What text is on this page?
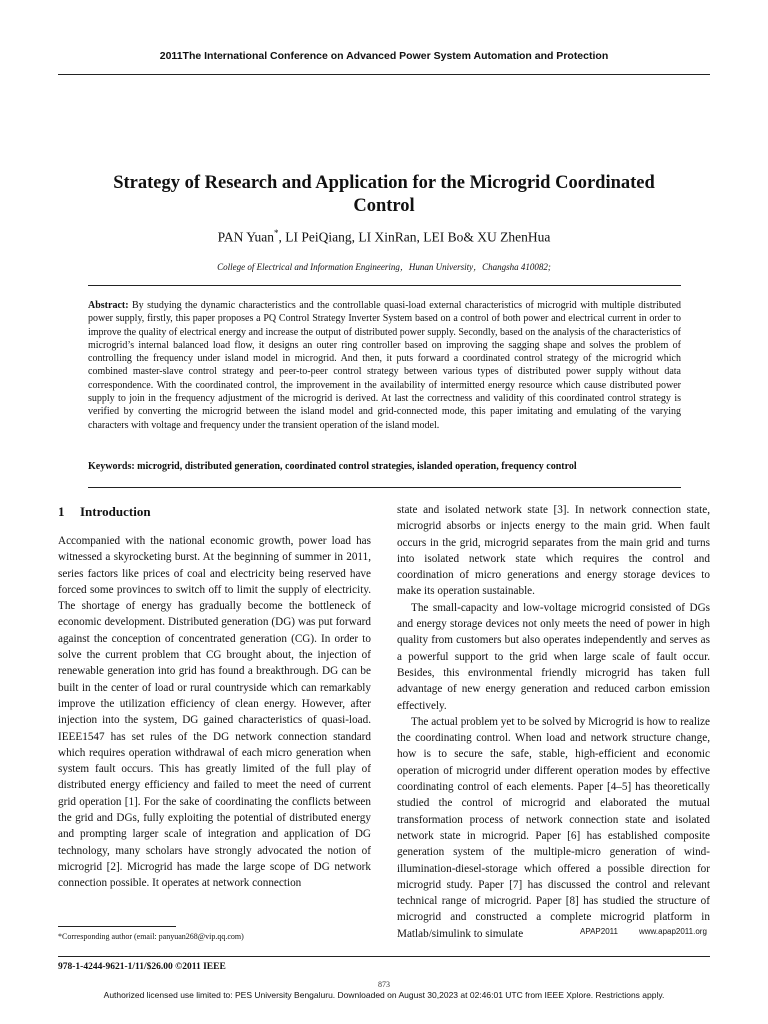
2011The International Conference on Advanced Power System Automation and Protection
Strategy of Research and Application for the Microgrid Coordinated
Control
PAN Yuan*, LI PeiQiang, LI XinRan, LEI Bo& XU ZhenHua
College of Electrical and Information Engineering，Hunan University，Changsha 410082;
Abstract: By studying the dynamic characteristics and the controllable quasi-load external characteristics of microgrid with multiple distributed power supply, firstly, this paper proposes a PQ Control Strategy Inverter System based on a control of both power and electrical current in order to improve the quality of electrical energy and increase the output of distributed power supply. Secondly, based on the analysis of the characteristics of microgrid’s internal balanced load flow, it designs an outer ring controller based on improving the sagging shape and solves the problem of controlling the frequency under island model in microgrid. And then, it puts forward a coordinated control strategy of the microgrid which combined master-slave control strategy and peer-to-peer control strategy between various types of distributed power supply without data correspondence. With the coordinated control, the improvement in the availability of intermitted energy resource which cause distributed power supply to join in the frequency adjustment of the microgrid is derived. At last the correctness and validity of this coordinated control strategy is verified by converting the microgrid between the island model and grid-connected mode, this paper imitating and emulating of the varying characters with voltage and frequency under the transient operation of the island model.
Keywords: microgrid, distributed generation, coordinated control strategies, islanded operation, frequency control
1 Introduction

Accompanied with the national economic growth, power load has witnessed a skyrocketing burst. At the beginning of summer in 2011, series factors like prices of coal and electricity being reserved have forced some provinces to switch off to limit the supply of electricity. The shortage of energy has gradually become the bottleneck of economic development. Distributed generation (DG) was put forward against the conception of concentrated generation (CG). In order to solve the current problem that CG brought about, the injection of renewable generation into grid has found a breakthrough. DG can be built in the center of load or rural countryside which can remarkably improve the utilization efficiency of clean energy. However, after injection into the system, DG gained characteristics of quasi-load. IEEE1547 has set rules of the DG network connection standard which requires operation withdrawal of each micro generation when system fault occurs. This has greatly limited of the full play of distributed energy efficiency and failed to meet the need of current grid operation [1]. For the sake of coordinating the conflicts between the grid and DGs, fully exploiting the potential of distributed energy and prompting larger scale of integration and application of DG technology, many scholars have strongly advocated the notion of microgrid [2]. Microgrid has made the large scope of DG network connection possible. It operates at network connection

state and isolated network state [3]. In network connection state, microgrid absorbs or injects energy to the main grid. When fault occurs in the grid, microgrid separates from the main grid and turns into isolated network state which requires the control and coordination of micro generations and energy storage devices to make its operation sustainable.

The small-capacity and low-voltage microgrid consisted of DGs and energy storage devices not only meets the need of power in high quality from customers but also operates independently and serves as a powerful support to the grid when large scale of fault occur. Besides, this environmental friendly microgrid has taken full advantage of new energy generation and reduced carbon emission effectively.

The actual problem yet to be solved by Microgrid is how to realize the coordinating control. When load and network structure change, how is to secure the safe, stable, high-efficient and economic operation of microgrid under different operation modes by effective coordinating control of each elements. Paper [4–5] has theoretically studied the control of microgrid and elaborated the mutual transformation process of network connection state and isolated network state in microgrid. Paper [6] has established composite generation system of the multiple-micro generation of wind-illumination-diesel-storage which offered a possible direction for microgrid study. Paper [7] has discussed the control and relevant technical range of microgrid. Paper [8] has studied the structure of microgrid and constructed a complete microgrid platform in Matlab/simulink to simulate

*Corresponding author (email: panyuan268@vip.qq.com)
APAP2011	www.apap2011.org
978-1-4244-9621-1/11/$26.00 ©2011 IEEE
873
Authorized licensed use limited to: PES University Bengaluru. Downloaded on August 30,2023 at 02:46:01 UTC from IEEE Xplore. Restrictions apply.
